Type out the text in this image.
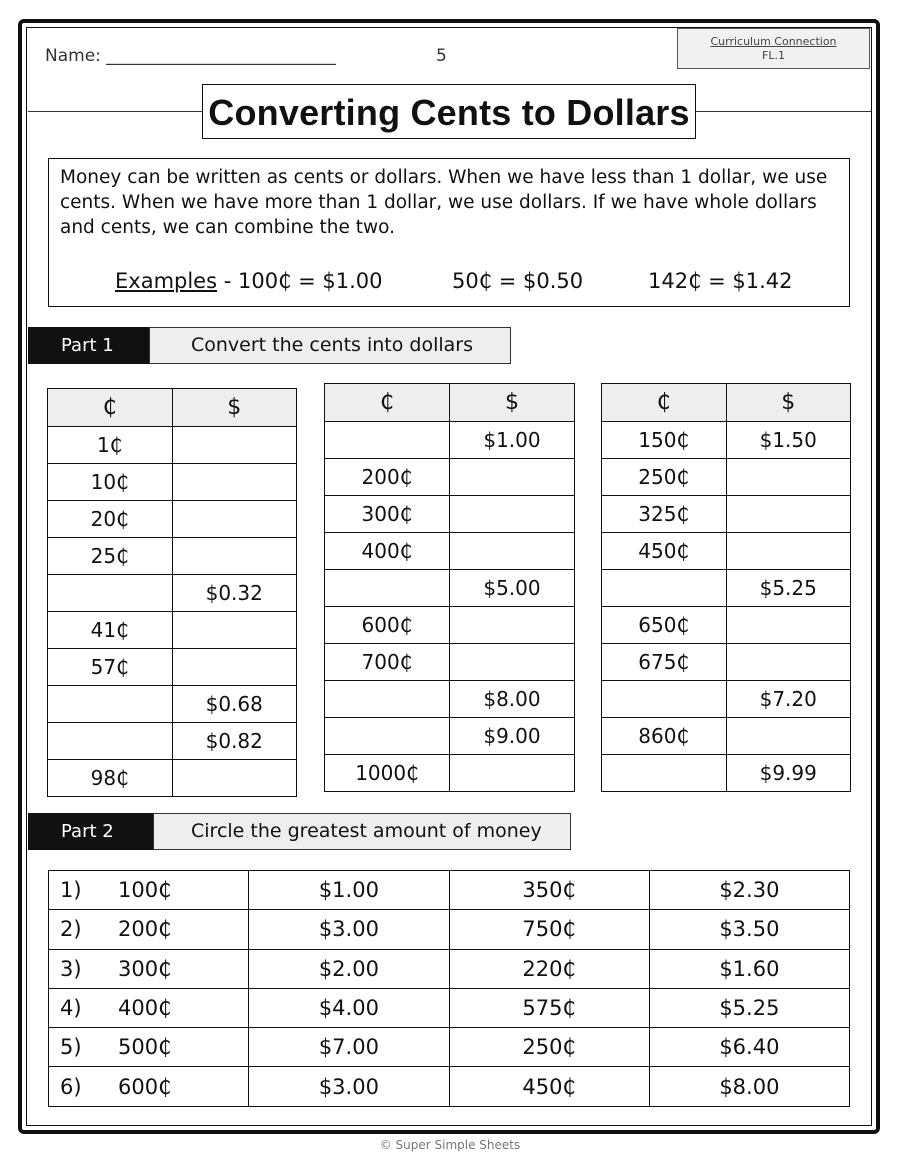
Name: ___________________________	5
Curriculum Connection
FL.1
Converting Cents to Dollars
Money can be written as cents or dollars. When we have less than 1 dollar, we use cents. When we have more than 1 dollar, we use dollars. If we have whole dollars and cents, we can combine the two.
Examples - 100₵ = $1.00	50₵ = $0.50	142₵ = $1.42
Part 1	Convert the cents into dollars
₵	$
1₵	
10₵	
20₵	
25₵	
	$0.32
41₵	
57₵	
	$0.68
	$0.82
98₵	
₵	$
	$1.00
200₵	
300₵	
400₵	
	$5.00
600₵	
700₵	
	$8.00
	$9.00
1000₵	
₵	$
150₵	$1.50
250₵	
325₵	
450₵	
	$5.25
650₵	
675₵	
	$7.20
860₵	
	$9.99
Part 2	Circle the greatest amount of money
1) 100₵	$1.00	350₵	$2.30
2) 200₵	$3.00	750₵	$3.50
3) 300₵	$2.00	220₵	$1.60
4) 400₵	$4.00	575₵	$5.25
5) 500₵	$7.00	250₵	$6.40
6) 600₵	$3.00	450₵	$8.00
© Super Simple Sheets
